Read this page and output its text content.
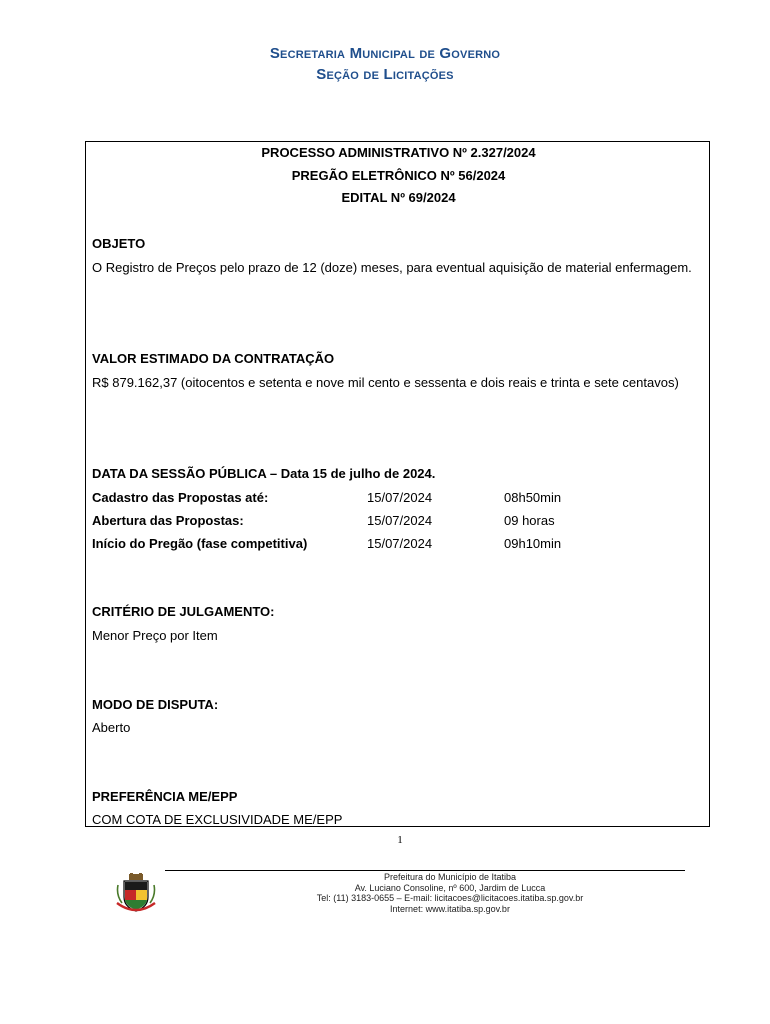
Secretaria Municipal de Governo
Seção de Licitações
PROCESSO ADMINISTRATIVO Nº 2.327/2024
PREGÃO ELETRÔNICO Nº 56/2024
EDITAL Nº 69/2024
OBJETO
O Registro de Preços pelo prazo de 12 (doze) meses, para eventual aquisição de material enfermagem.
VALOR ESTIMADO DA CONTRATAÇÃO
R$ 879.162,37 (oitocentos e setenta e nove mil cento e sessenta e dois reais e trinta e sete centavos)
DATA DA SESSÃO PÚBLICA – Data 15 de julho de 2024.
Cadastro das Propostas até:	15/07/2024	08h50min
Abertura das Propostas:	15/07/2024	09 horas
Início do Pregão (fase competitiva)	15/07/2024	09h10min
CRITÉRIO DE JULGAMENTO:
Menor Preço por Item
MODO DE DISPUTA:
Aberto
PREFERÊNCIA ME/EPP
COM COTA DE EXCLUSIVIDADE ME/EPP
1
Prefeitura do Município de Itatiba
Av. Luciano Consoline, nº 600, Jardim de Lucca
Tel: (11) 3183-0655 – E-mail: licitacoes@licitacoes.itatiba.sp.gov.br
Internet: www.itatiba.sp.gov.br
